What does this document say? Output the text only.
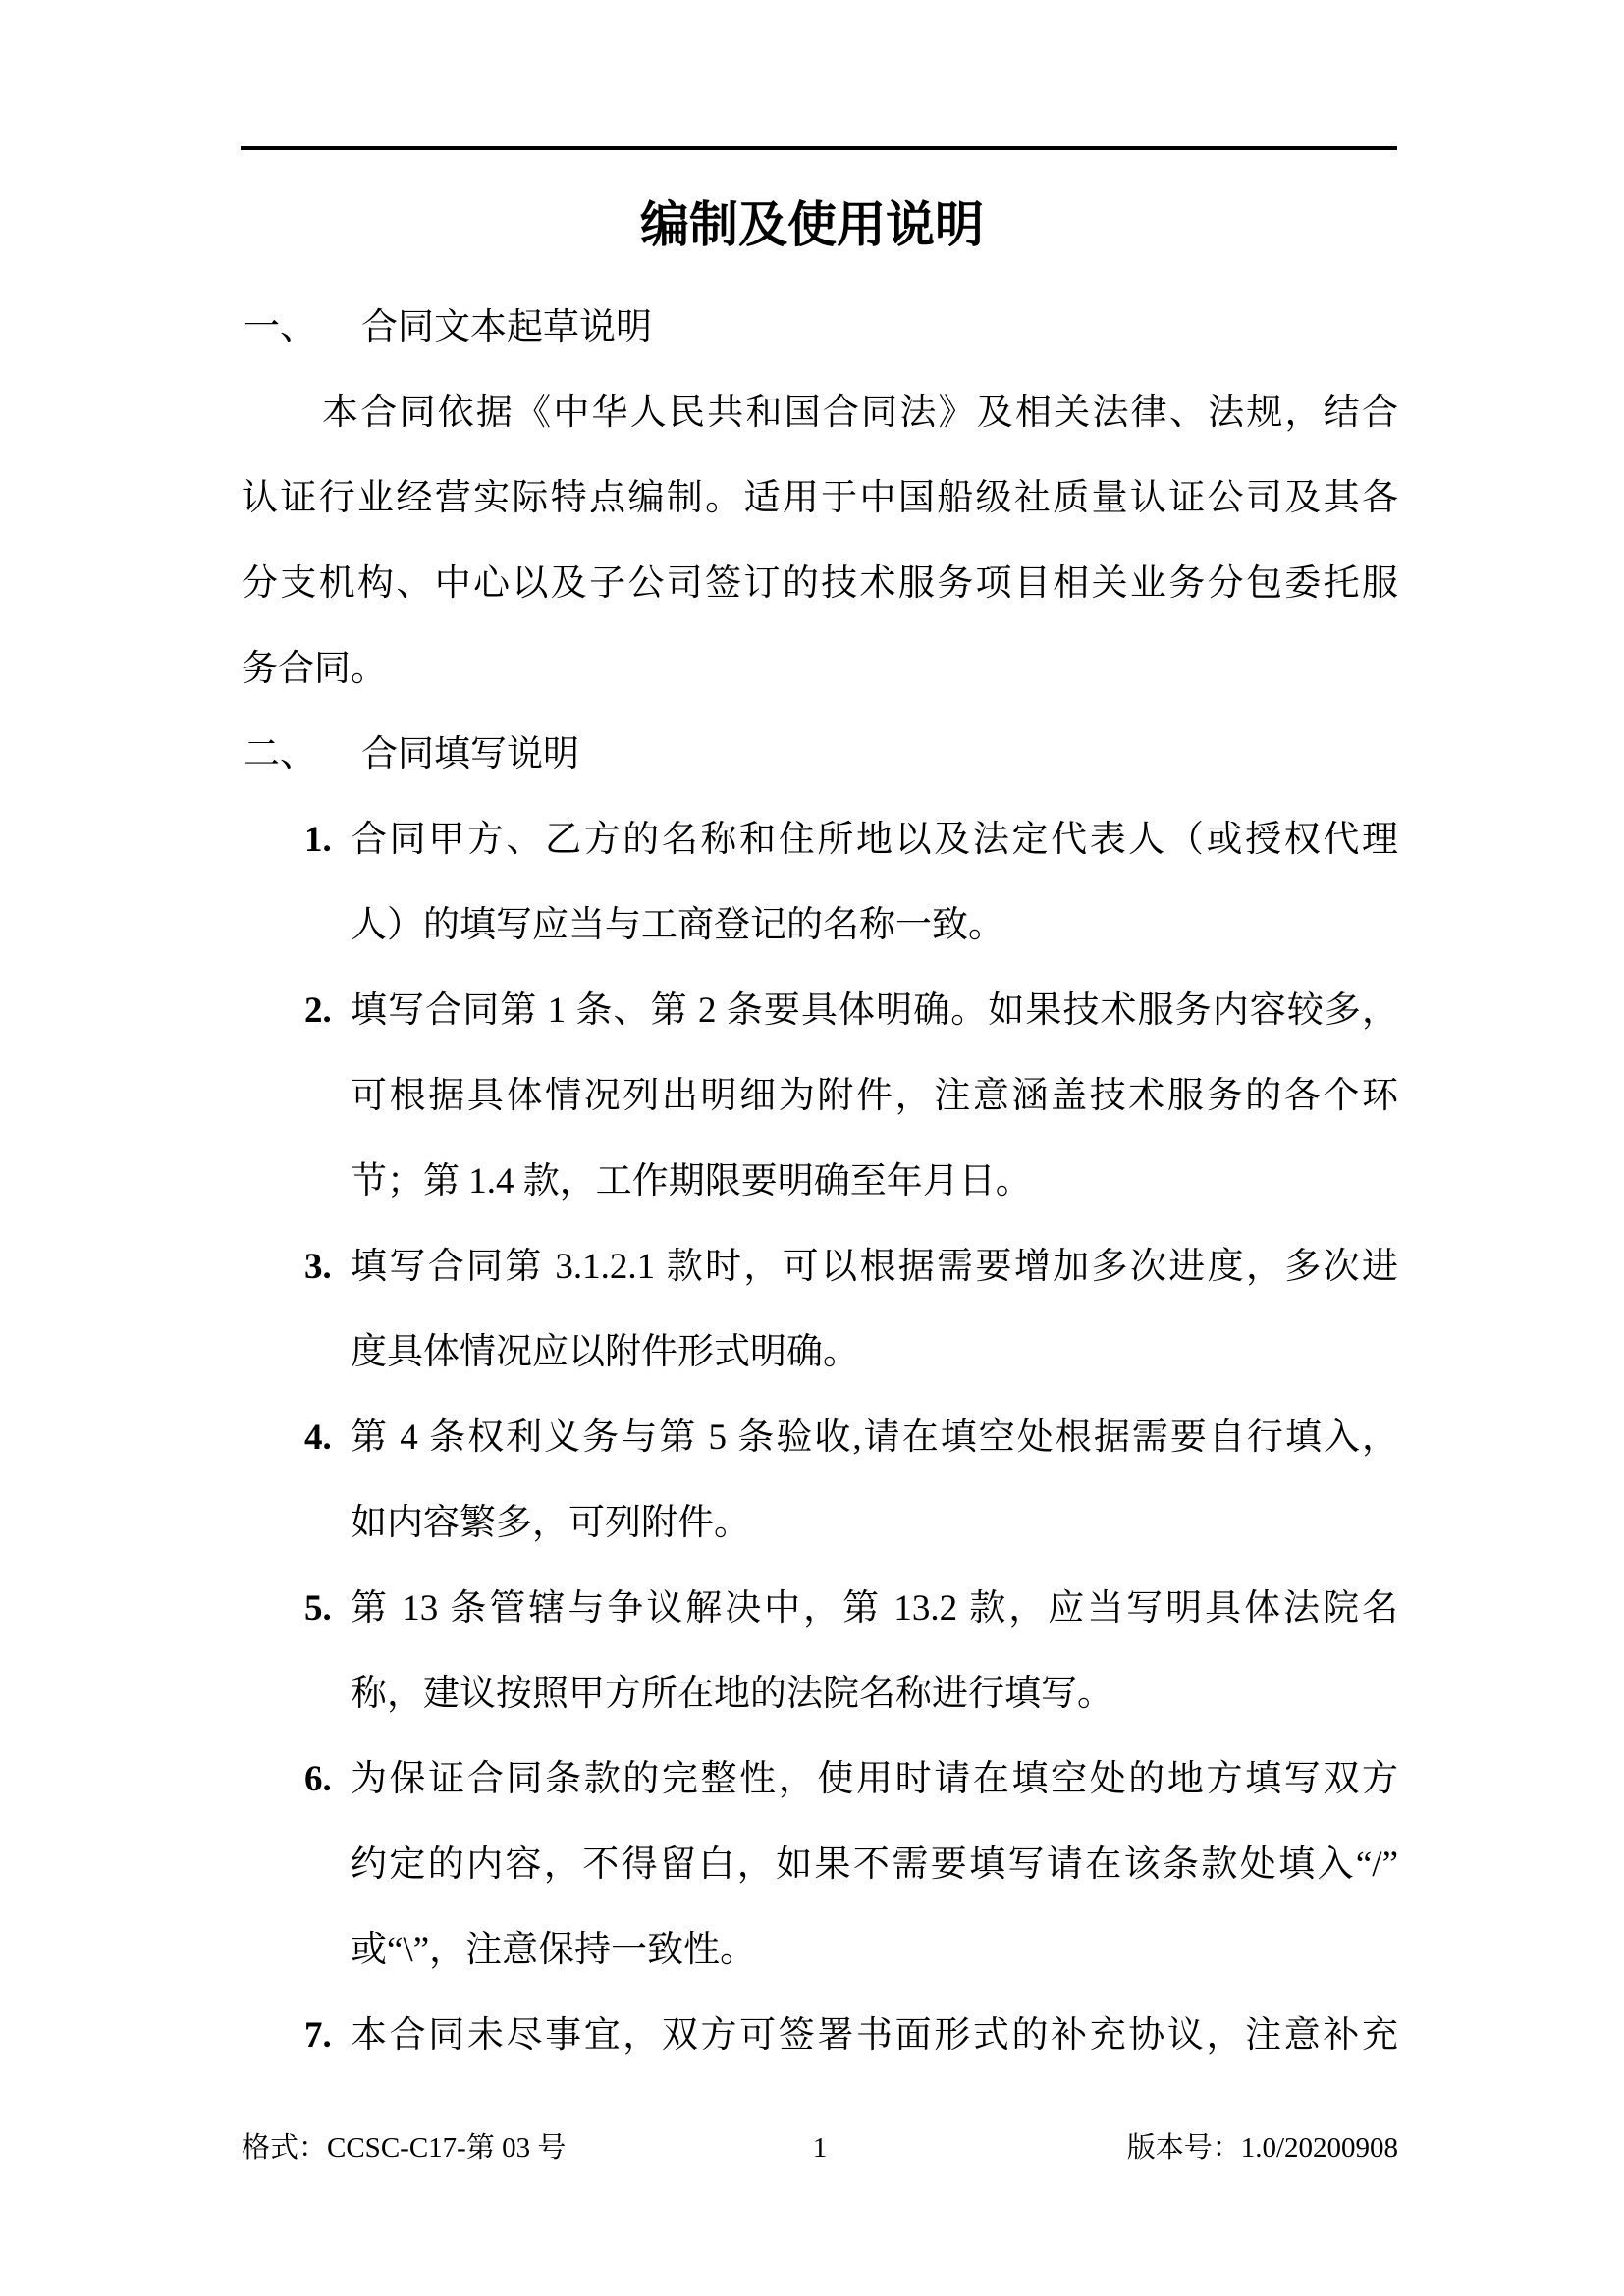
编制及使用说明
一、 合同文本起草说明
本合同依据《中华人民共和国合同法》及相关法律、法规，结合
认证行业经营实际特点编制。适用于中国船级社质量认证公司及其各
分支机构、中心以及子公司签订的技术服务项目相关业务分包委托服
务合同。
二、 合同填写说明
1. 合同甲方、乙方的名称和住所地以及法定代表人（或授权代理
人）的填写应当与工商登记的名称一致。
2. 填写合同第 1 条、第 2 条要具体明确。如果技术服务内容较多，
可根据具体情况列出明细为附件，注意涵盖技术服务的各个环
节；第 1.4 款，工作期限要明确至年月日。
3. 填写合同第 3.1.2.1 款时，可以根据需要增加多次进度，多次进
度具体情况应以附件形式明确。
4. 第 4 条权利义务与第 5 条验收,请在填空处根据需要自行填入，
如内容繁多，可列附件。
5. 第 13 条管辖与争议解决中，第 13.2 款，应当写明具体法院名
称，建议按照甲方所在地的法院名称进行填写。
6. 为保证合同条款的完整性，使用时请在填空处的地方填写双方
约定的内容，不得留白，如果不需要填写请在该条款处填入“/”
或“\”，注意保持一致性。
7. 本合同未尽事宜，双方可签署书面形式的补充协议，注意补充
格式：CCSC-C17-第 03 号	1	版本号：1.0/20200908
